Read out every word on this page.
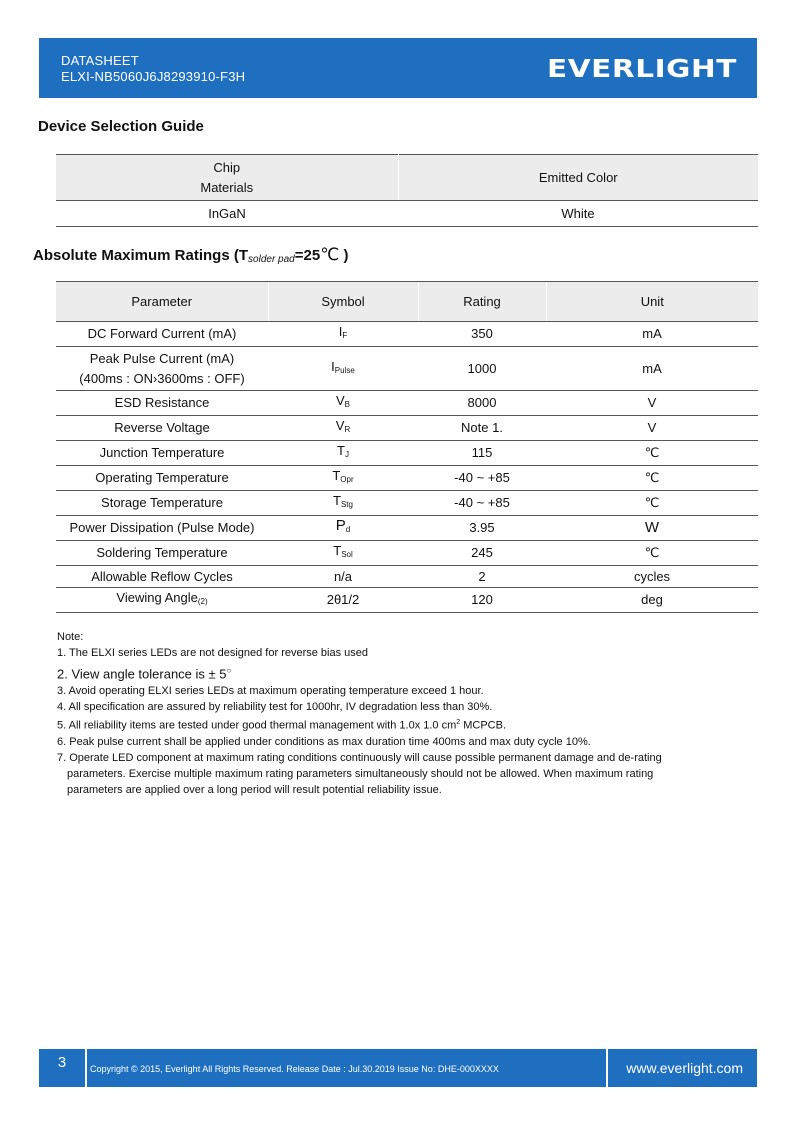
DATASHEET
ELXI-NB5060J6J8293910-F3H	EVERLIGHT
Device Selection Guide
Chip
Materials	Emitted Color
InGaN	White
Absolute Maximum Ratings ($T_{solder pad}=25℃$ )
Parameter	Symbol	Rating	Unit
DC Forward Current (mA)	$I_F$	350	mA
Peak Pulse Current (mA)
(400ms : ON›3600ms : OFF)	$I_{Pulse}$	1000	mA
ESD Resistance	$V_B$	8000	V
Reverse Voltage	$V_R$	Note 1.	V
Junction Temperature	$T_J$	115	℃
Operating Temperature	$T_{Opr}$	-40 ~ +85	℃
Storage Temperature	$T_{Stg}$	-40 ~ +85	℃
Power Dissipation (Pulse Mode)	$P_d$	3.95	W
Soldering Temperature	$T_{Sol}$	245	℃
Allowable Reflow Cycles	n/a	2	cycles
Viewing Angle$_{(2)}$	2θ1/2	120	deg
Note:
1. The ELXI series LEDs are not designed for reverse bias used
2. View angle tolerance is ± 5○
3. Avoid operating ELXI series LEDs at maximum operating temperature exceed 1 hour.
4. All specification are assured by reliability test for 1000hr, IV degradation less than 30%.
5. All reliability items are tested under good thermal management with 1.0x 1.0 $cm^2$ MCPCB.
6. Peak pulse current shall be applied under conditions as max duration time 400ms and max duty cycle 10%.
7. Operate LED component at maximum rating conditions continuously will cause possible permanent damage and de-rating
parameters. Exercise multiple maximum rating parameters simultaneously should not be allowed. When maximum rating
parameters are applied over a long period will result potential reliability issue.
3	Copyright © 2015, Everlight All Rights Reserved. Release Date : Jul.30.2019 Issue No: DHE-000XXXX	www.everlight.com
